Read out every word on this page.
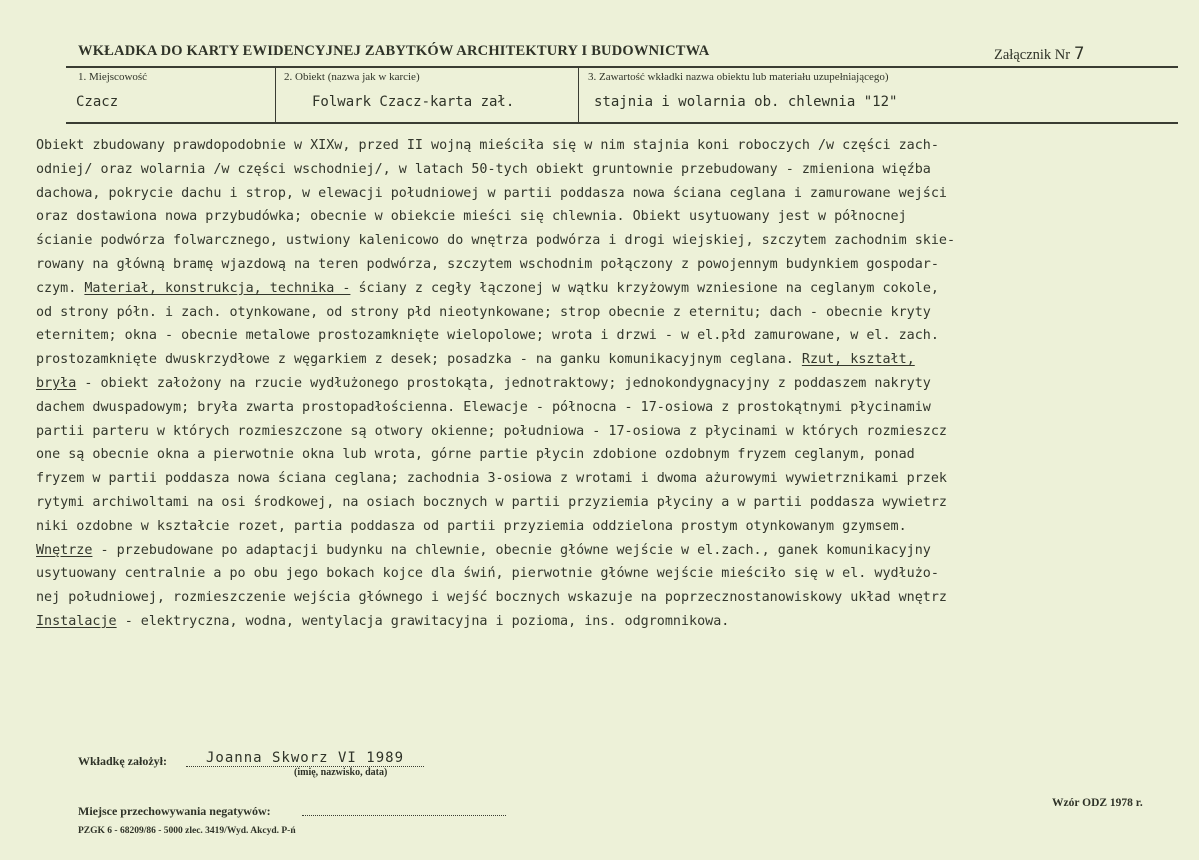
WKŁADKA DO KARTY EWIDENCYJNEJ ZABYTKÓW ARCHITEKTURY I BUDOWNICTWA	Załącznik Nr 7
1. Miejscowość
Czacz
2. Obiekt (nazwa jak w karcie)
Folwark Czacz-karta zał.
3. Zawartość wkładki nazwa obiektu lub materiału uzupełniającego)
stajnia i wolarnia ob. chlewnia "12"
Obiekt zbudowany prawdopodobnie w XIXw, przed II wojną mieściła się w nim stajnia koni roboczych /w części zach-
odniej/ oraz wolarnia /w części wschodniej/, w latach 50-tych obiekt gruntownie przebudowany - zmieniona więźba
dachowa, pokrycie dachu i strop, w elewacji południowej w partii poddasza nowa ściana ceglana i zamurowane wejści
oraz dostawiona nowa przybudówka; obecnie w obiekcie mieści się chlewnia. Obiekt usytuowany jest w północnej
ścianie podwórza folwarcznego, ustwiony kalenicowo do wnętrza podwórza i drogi wiejskiej, szczytem zachodnim skie-
rowany na główną bramę wjazdową na teren podwórza, szczytem wschodnim połączony z powojennym budynkiem gospodar-
czym. Materiał, konstrukcja, technika - ściany z cegły łączonej w wątku krzyżowym wzniesione na ceglanym cokole,
od strony półn. i zach. otynkowane, od strony płd nieotynkowane; strop obecnie z eternitu; dach - obecnie kryty
eternitem; okna - obecnie metalowe prostozamknięte wielopolowe; wrota i drzwi - w el.płd zamurowane, w el. zach.
prostozamknięte dwuskrzydłowe z węgarkiem z desek; posadzka - na ganku komunikacyjnym ceglana. Rzut, kształt,
bryła - obiekt założony na rzucie wydłużonego prostokąta, jednotraktowy; jednokondygnacyjny z poddaszem nakryty
dachem dwuspadowym; bryła zwarta prostopadłościenna. Elewacje - północna - 17-osiowa z prostokątnymi płycinamiw
partii parteru w których rozmieszczone są otwory okienne; południowa - 17-osiowa z płycinami w których rozmieszcz
one są obecnie okna a pierwotnie okna lub wrota, górne partie płycin zdobione ozdobnym fryzem ceglanym, ponad
fryzem w partii poddasza nowa ściana ceglana; zachodnia 3-osiowa z wrotami i dwoma ażurowymi wywietrznikami przek
rytymi archiwoltami na osi środkowej, na osiach bocznych w partii przyziemia płyciny a w partii poddasza wywietrz
niki ozdobne w kształcie rozet, partia poddasza od partii przyziemia oddzielona prostym otynkowanym gzymsem.
Wnętrze - przebudowane po adaptacji budynku na chlewnie, obecnie główne wejście w el.zach., ganek komunikacyjny
usytuowany centralnie a po obu jego bokach kojce dla świń, pierwotnie główne wejście mieściło się w el. wydłużo-
nej południowej, rozmieszczenie wejścia głównego i wejść bocznych wskazuje na poprzecznostanowiskowy układ wnętrz
Instalacje - elektryczna, wodna, wentylacja grawitacyjna i pozioma, ins. odgromnikowa.
Wkładkę założył:	Joanna Skworz VI 1989
(imię, nazwisko, data)
Miejsce przechowywania negatywów:
PZGK 6 - 68209/86 - 5000 zlec. 3419/Wyd. Akcyd. P-ń
Wzór ODZ 1978 r.
